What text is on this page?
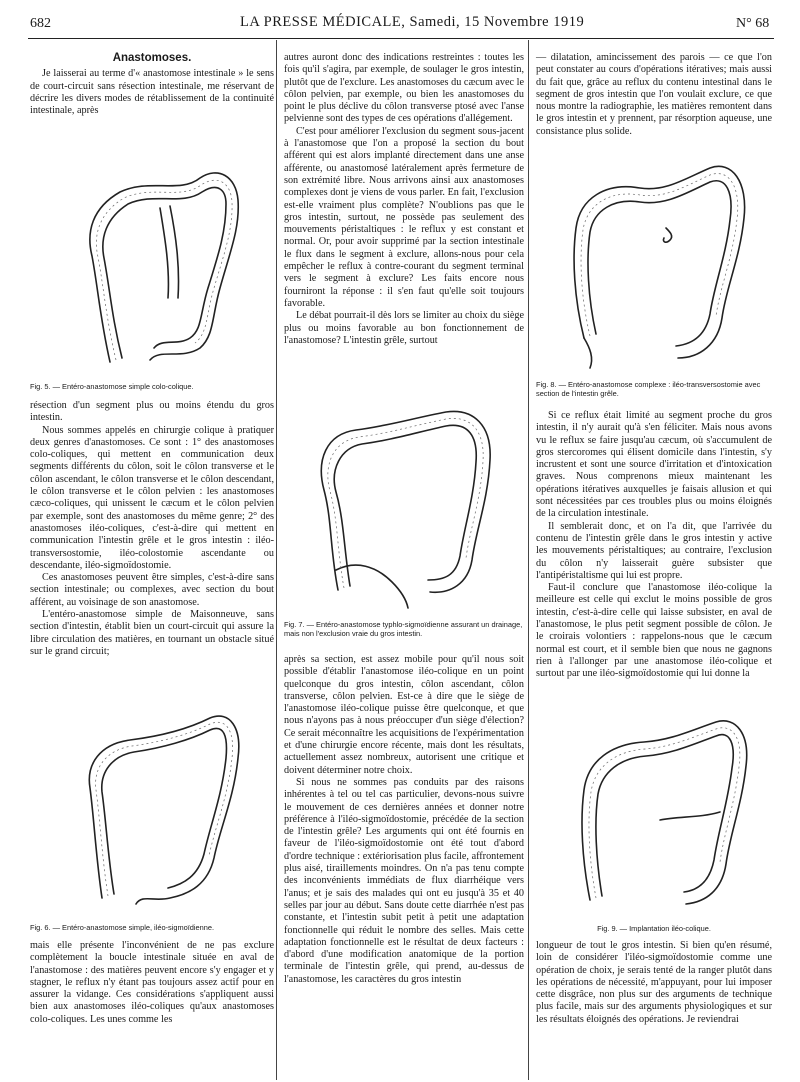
682	LA PRESSE MÉDICALE, Samedi, 15 Novembre 1919	N° 68
Anastomoses.

Je laisserai au terme d'« anastomose intestinale » le sens de court-circuit sans résection intestinale, me réservant de décrire les divers modes de rétablissement de la continuité intestinale, après

Fig. 5. — Entéro-anastomose simple colo-colique.

résection d'un segment plus ou moins étendu du gros intestin.

Nous sommes appelés en chirurgie colique à pratiquer deux genres d'anastomoses. Ce sont : 1° des anastomoses colo-coliques, qui mettent en communication deux segments différents du côlon, soit le côlon transverse et le côlon ascendant, le côlon transverse et le côlon descendant, le côlon transverse et le côlon pelvien : les anastomoses cæco-coliques, qui unissent le cæcum et le côlon pelvien par exemple, sont des anastomoses du même genre; 2° des anastomoses iléo-coliques, c'est-à-dire qui mettent en communication l'intestin grêle et le gros intestin : iléo-transversostomie, iléo-colostomie ascendante ou descendante, iléo-sigmoïdostomie.

Ces anastomoses peuvent être simples, c'est-à-dire sans section intestinale; ou complexes, avec section du bout afférent, au voisinage de son anastomose.

L'entéro-anastomose simple de Maisonneuve, sans section d'intestin, établit bien un court-circuit qui assure la libre circulation des matières, en tournant un obstacle situé sur le grand circuit;

Fig. 6. — Entéro-anastomose simple, iléo-sigmoïdienne.

mais elle présente l'inconvénient de ne pas exclure complètement la boucle intestinale située en aval de l'anastomose : des matières peuvent encore s'y engager et y stagner, le reflux n'y étant pas toujours assez actif pour en assurer la vidange. Ces considérations s'appliquent aussi bien aux anastomoses iléo-coliques qu'aux anastomoses colo-coliques. Les unes comme les

autres auront donc des indications restreintes : toutes les fois qu'il s'agira, par exemple, de soulager le gros intestin, plutôt que de l'exclure. Les anastomoses du cæcum avec le côlon pelvien, par exemple, ou bien les anastomoses du point le plus déclive du côlon transverse ptosé avec l'anse pelvienne sont des types de ces opérations d'allégement.

C'est pour améliorer l'exclusion du segment sous-jacent à l'anastomose que l'on a proposé la section du bout afférent qui est alors implanté directement dans une anse afférente, ou anastomosé latéralement après fermeture de son extrémité libre. Nous arrivons ainsi aux anastomoses complexes dont je viens de vous parler. En fait, l'exclusion est-elle vraiment plus complète? N'oublions pas que le gros intestin, surtout, ne possède pas seulement des mouvements péristaltiques : le reflux y est constant et normal. Or, pour avoir supprimé par la section intestinale le flux dans le segment à exclure, allons-nous pour cela empêcher le reflux à contre-courant du segment terminal vers le segment à exclure? Les faits encore nous fourniront la réponse : il s'en faut qu'elle soit toujours favorable.

Le débat pourrait-il dès lors se limiter au choix du siège plus ou moins favorable au bon fonctionnement de l'anastomose? L'intestin grêle, surtout

Fig. 7. — Entéro-anastomose typhlo-sigmoïdienne assurant un drainage, mais non l'exclusion vraie du gros intestin.

après sa section, est assez mobile pour qu'il nous soit possible d'établir l'anastomose iléo-colique en un point quelconque du gros intestin, côlon ascendant, côlon transverse, côlon pelvien. Est-ce à dire que le siège de l'anastomose iléo-colique puisse être quelconque, et que nous n'ayons pas à nous préoccuper d'un siège d'élection? Ce serait méconnaître les acquisitions de l'expérimentation et d'une chirurgie encore récente, mais dont les résultats, actuellement assez nombreux, autorisent une critique et doivent déterminer notre choix.

Si nous ne sommes pas conduits par des raisons inhérentes à tel ou tel cas particulier, devons-nous suivre le mouvement de ces dernières années et donner notre préférence à l'iléo-sigmoïdostomie, précédée de la section de l'intestin grêle? Les arguments qui ont été fournis en faveur de l'iléo-sigmoïdostomie ont été tout d'abord d'ordre technique : extériorisation plus facile, affrontement plus aisé, tiraillements moindres. On n'a pas tenu compte des inconvénients immédiats de flux diarrhéique vers l'anus; et je sais des malades qui ont eu jusqu'à 35 et 40 selles par jour au début. Sans doute cette diarrhée n'est pas constante, et l'intestin subit petit à petit une adaptation fonctionnelle qui réduit le nombre des selles. Mais cette adaptation fonctionnelle est le résultat de deux facteurs : d'abord d'une modification anatomique de la portion terminale de l'intestin grêle, qui prend, au-dessus de l'anastomose, les caractères du gros intestin

— dilatation, amincissement des parois — ce que l'on peut constater au cours d'opérations itératives; mais aussi du fait que, grâce au reflux du contenu intestinal dans le segment de gros intestin que l'on voulait exclure, ce que nous montre la radiographie, les matières remontent dans le gros intestin et y prennent, par résorption aqueuse, une consistance plus solide.

Fig. 8. — Entéro-anastomose complexe : iléo-transversostomie avec section de l'intestin grêle.

Si ce reflux était limité au segment proche du gros intestin, il n'y aurait qu'à s'en féliciter. Mais nous avons vu le reflux se faire jusqu'au cæcum, où s'accumulent de gros stercoromes qui élisent domicile dans l'intestin, s'y incrustent et sont une source d'irritation et d'intoxication graves. Nous comprenons mieux maintenant les opérations itératives auxquelles je faisais allusion et qui sont nécessitées par ces troubles plus ou moins éloignés de la circulation intestinale.

Il semblerait donc, et on l'a dit, que l'arrivée du contenu de l'intestin grêle dans le gros intestin y active les mouvements péristaltiques; au contraire, l'exclusion du côlon n'y laisserait guère subsister que l'antipéristaltisme qui lui est propre.

Faut-il conclure que l'anastomose iléo-colique la meilleure est celle qui exclut le moins possible de gros intestin, c'est-à-dire celle qui laisse subsister, en aval de l'anastomose, le plus petit segment possible de côlon. Je le croirais volontiers : rappelons-nous que le cæcum normal est court, et il semble bien que nous ne gagnons rien à l'allonger par une anastomose iléo-colique et surtout par une iléo-sigmoïdostomie qui lui donne la

Fig. 9. — Implantation iléo-colique.

longueur de tout le gros intestin. Si bien qu'en résumé, loin de considérer l'iléo-sigmoïdostomie comme une opération de choix, je serais tenté de la ranger plutôt dans les opérations de nécessité, m'appuyant, pour lui imposer cette disgrâce, non plus sur des arguments de technique plus facile, mais sur des arguments physiologiques et sur les résultats éloignés des opérations. Je reviendrai
